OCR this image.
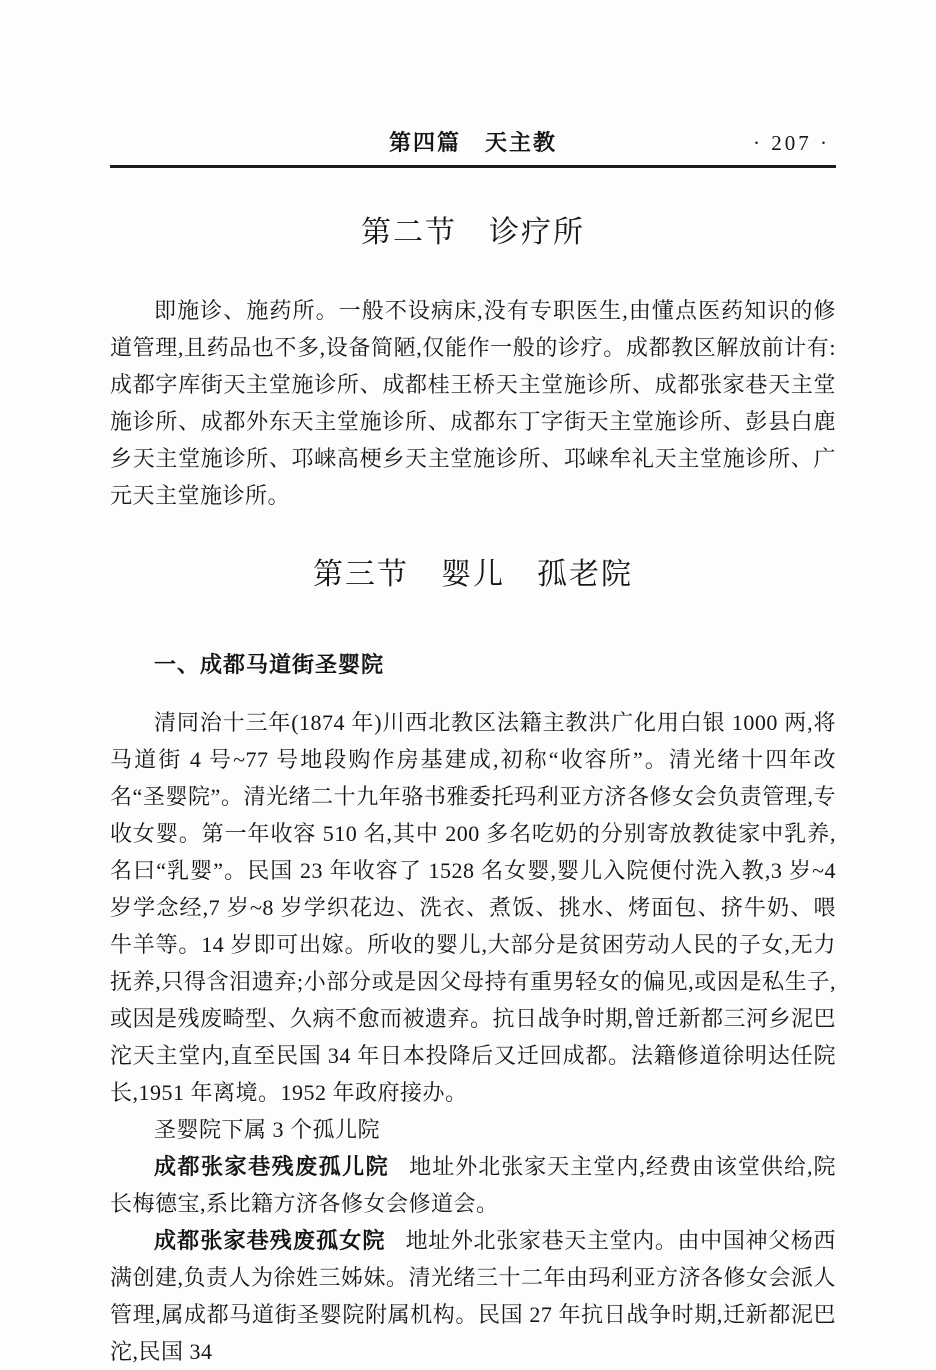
第四篇　天主教	· 207 ·
第二节　诊疗所

即施诊、施药所。一般不设病床,没有专职医生,由懂点医药知识的修道管理,且药品也不多,设备简陋,仅能作一般的诊疗。成都教区解放前计有:成都字库街天主堂施诊所、成都桂王桥天主堂施诊所、成都张家巷天主堂施诊所、成都外东天主堂施诊所、成都东丁字街天主堂施诊所、彭县白鹿乡天主堂施诊所、邛崃高梗乡天主堂施诊所、邛崃牟礼天主堂施诊所、广元天主堂施诊所。

第三节　婴儿　孤老院
一、成都马道街圣婴院

清同治十三年(1874 年)川西北教区法籍主教洪广化用白银 1000 两,将马道街 4 号~77 号地段购作房基建成,初称“收容所”。清光绪十四年改名“圣婴院”。清光绪二十九年骆书雅委托玛利亚方济各修女会负责管理,专收女婴。第一年收容 510 名,其中 200 多名吃奶的分别寄放教徒家中乳养,名曰“乳婴”。民国 23 年收容了 1528 名女婴,婴儿入院便付洗入教,3 岁~4 岁学念经,7 岁~8 岁学织花边、洗衣、煮饭、挑水、烤面包、挤牛奶、喂牛羊等。14 岁即可出嫁。所收的婴儿,大部分是贫困劳动人民的子女,无力抚养,只得含泪遗弃;小部分或是因父母持有重男轻女的偏见,或因是私生子,或因是残废畸型、久病不愈而被遗弃。抗日战争时期,曾迁新都三河乡泥巴沱天主堂内,直至民国 34 年日本投降后又迁回成都。法籍修道徐明达任院长,1951 年离境。1952 年政府接办。

圣婴院下属 3 个孤儿院

成都张家巷残废孤儿院 地址外北张家天主堂内,经费由该堂供给,院长梅德宝,系比籍方济各修女会修道会。

成都张家巷残废孤女院 地址外北张家巷天主堂内。由中国神父杨西满创建,负责人为徐姓三姊妹。清光绪三十二年由玛利亚方济各修女会派人管理,属成都马道街圣婴院附属机构。民国 27 年抗日战争时期,迁新都泥巴沱,民国 34
